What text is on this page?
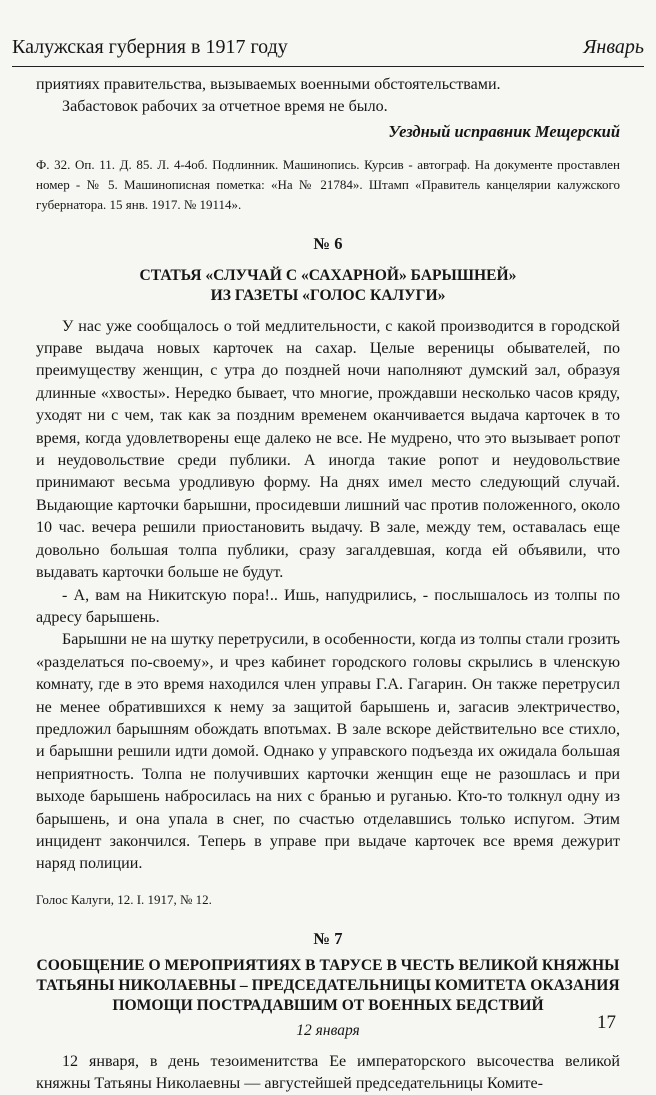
Калужская губерния в 1917 году	Январь

приятиях правительства, вызываемых военными обстоятельствами.

Забастовок рабочих за отчетное время не было.

Уездный исправник Мещерский

Ф. 32. Оп. 11. Д. 85. Л. 4-4об. Подлинник. Машинопись. Курсив - автограф. На документе проставлен номер - № 5. Машинописная пометка: «На № 21784». Штамп «Правитель канцелярии калужского губернатора. 15 янв. 1917. № 19114».

№ 6

СТАТЬЯ «СЛУЧАЙ С «САХАРНОЙ» БАРЫШНЕЙ»
ИЗ ГАЗЕТЫ «ГОЛОС КАЛУГИ»

У нас уже сообщалось о той медлительности, с какой производится в городской управе выдача новых карточек на сахар. Целые вереницы обывателей, по преимуществу женщин, с утра до поздней ночи наполняют думский зал, образуя длинные «хвосты». Нередко бывает, что многие, прождавши несколько часов кряду, уходят ни с чем, так как за поздним временем оканчивается выдача карточек в то время, когда удовлетворены еще далеко не все. Не мудрено, что это вызывает ропот и неудовольствие среди публики. А иногда такие ропот и неудовольствие принимают весьма уродливую форму. На днях имел место следующий случай. Выдающие карточки барышни, просидевши лишний час против положенного, около 10 час. вечера решили приостановить выдачу. В зале, между тем, оставалась еще довольно большая толпа публики, сразу загалдевшая, когда ей объявили, что выдавать карточки больше не будут.

- А, вам на Никитскую пора!.. Ишь, напудрились, - послышалось из толпы по адресу барышень.

Барышни не на шутку перетрусили, в особенности, когда из толпы стали грозить «разделаться по-своему», и чрез кабинет городского головы скрылись в членскую комнату, где в это время находился член управы Г.А. Гагарин. Он также перетрусил не менее обратившихся к нему за защитой барышень и, загасив электричество, предложил барышням обождать впотьмах. В зале вскоре действительно все стихло, и барышни решили идти домой. Однако у управского подъезда их ожидала большая неприятность. Толпа не получивших карточки женщин еще не разошлась и при выходе барышень набросилась на них с бранью и руганью. Кто-то толкнул одну из барышень, и она упала в снег, по счастью отделавшись только испугом. Этим инцидент закончился. Теперь в управе при выдаче карточек все время дежурит наряд полиции.

Голос Калуги, 12. I. 1917, № 12.

№ 7

СООБЩЕНИЕ О МЕРОПРИЯТИЯХ В ТАРУСЕ В ЧЕСТЬ ВЕЛИКОЙ КНЯЖНЫ
ТАТЬЯНЫ НИКОЛАЕВНЫ – ПРЕДСЕДАТЕЛЬНИЦЫ КОМИТЕТА ОКАЗАНИЯ
ПОМОЩИ ПОСТРАДАВШИМ ОТ ВОЕННЫХ БЕДСТВИЙ

12 января

12 января, в день тезоименитства Ее императорского высочества великой княжны Татьяны Николаевны — августейшей председательницы Комите-

17
